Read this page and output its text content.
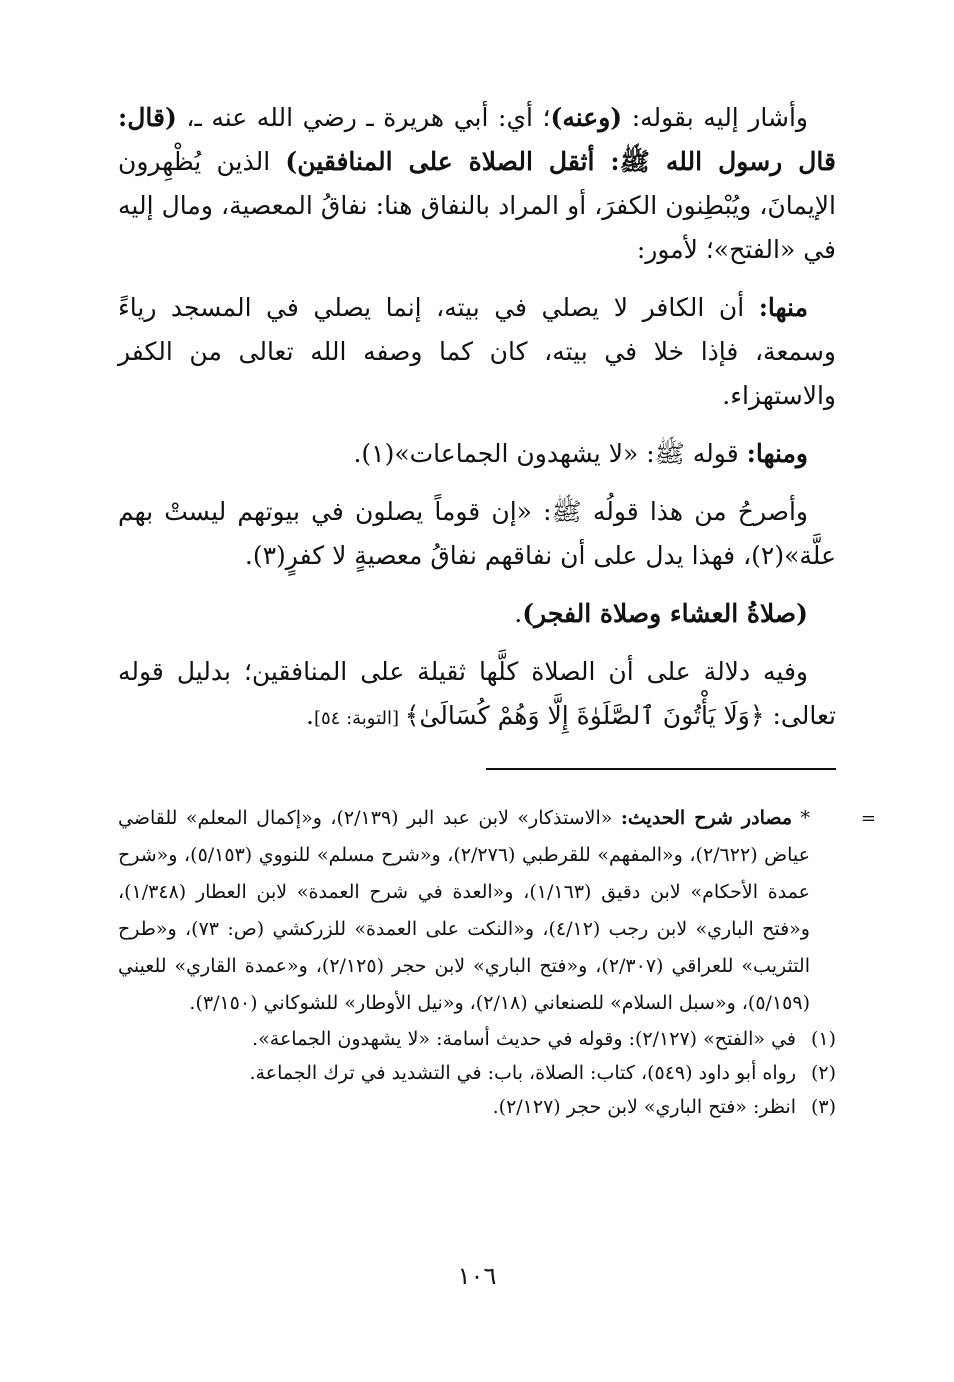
وأشار إليه بقوله: (وعنه)؛ أي: أبي هريرة ـ رضي الله عنه ـ، (قال: قال رسول الله ﷺ: أثقل الصلاة على المنافقين) الذين يُظْهِرون الإيمانَ، ويُبْطِنون الكفرَ، أو المراد بالنفاق هنا: نفاقُ المعصية، ومال إليه في «الفتح»؛ لأمور:

منها: أن الكافر لا يصلي في بيته، إنما يصلي في المسجد رياءً وسمعة، فإذا خلا في بيته، كان كما وصفه الله تعالى من الكفر والاستهزاء.

ومنها: قوله ﷺ: «لا يشهدون الجماعات»(١).

وأصرحُ من هذا قولُه ﷺ: «إن قوماً يصلون في بيوتهم ليستْ بهم علَّة»(٢)، فهذا يدل على أن نفاقهم نفاقُ معصيةٍ لا كفرٍ(٣).

(صلاةُ العشاء وصلاة الفجر).

وفيه دلالة على أن الصلاة كلَّها ثقيلة على المنافقين؛ بدليل قوله تعالى: ﴿وَلَا يَأْتُونَ ٱلصَّلَوٰةَ إِلَّا وَهُمْ كُسَالَىٰ﴾ [التوبة: ٥٤].

=
* مصادر شرح الحديث: «الاستذكار» لابن عبد البر (٢/١٣٩)، و«إكمال المعلم» للقاضي عياض (٢/٦٢٢)، و«المفهم» للقرطبي (٢/٢٧٦)، و«شرح مسلم» للنووي (٥/١٥٣)، و«شرح عمدة الأحكام» لابن دقيق (١/١٦٣)، و«العدة في شرح العمدة» لابن العطار (١/٣٤٨)، و«فتح الباري» لابن رجب (٤/١٢)، و«النكت على العمدة» للزركشي (ص: ٧٣)، و«طرح التثريب» للعراقي (٢/٣٠٧)، و«فتح الباري» لابن حجر (٢/١٢٥)، و«عمدة القاري» للعيني (٥/١٥٩)، و«سبل السلام» للصنعاني (٢/١٨)، و«نيل الأوطار» للشوكاني (٣/١٥٠).

(١)
في «الفتح» (٢/١٢٧): وقوله في حديث أسامة: «لا يشهدون الجماعة».
(٢)
رواه أبو داود (٥٤٩)، كتاب: الصلاة، باب: في التشديد في ترك الجماعة.
(٣)
انظر: «فتح الباري» لابن حجر (٢/١٢٧).
١٠٦
